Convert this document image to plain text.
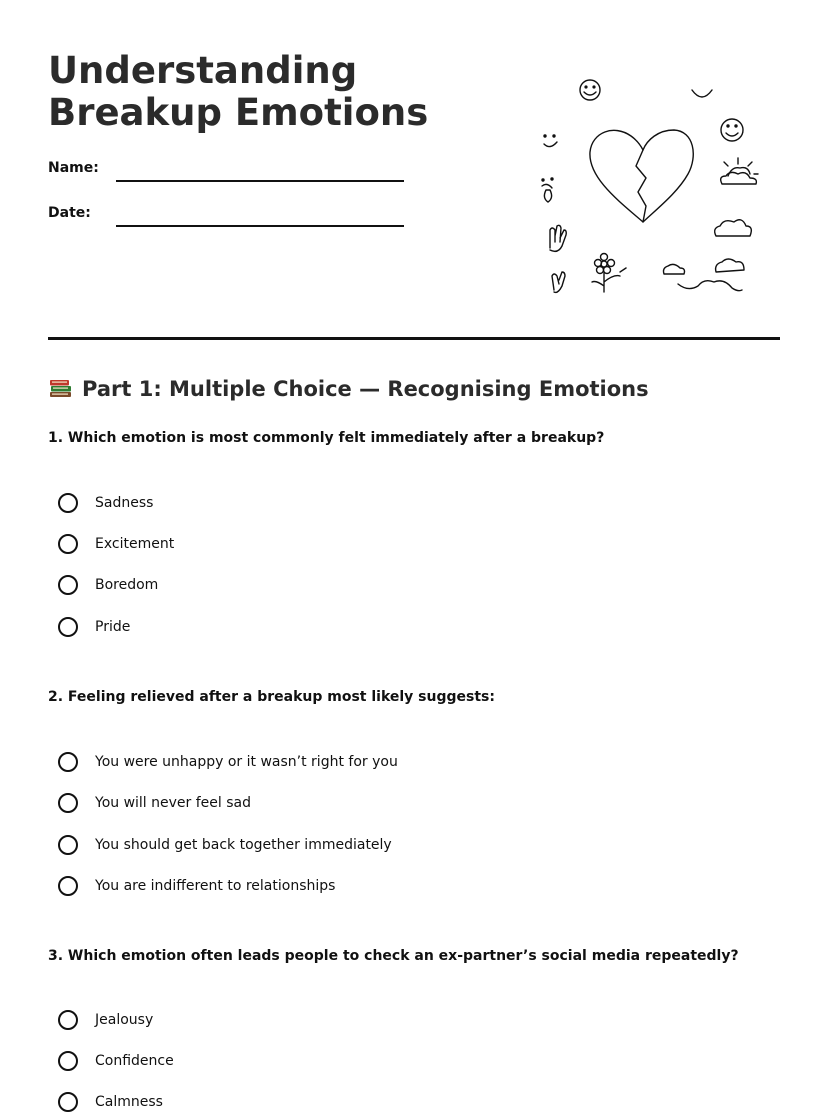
Understanding Breakup Emotions
Name:
Date:
Part 1: Multiple Choice — Recognising Emotions

1. Which emotion is most commonly felt immediately after a breakup?

Sadness
Excitement
Boredom
Pride

2. Feeling relieved after a breakup most likely suggests:

You were unhappy or it wasn’t right for you
You will never feel sad
You should get back together immediately
You are indifferent to relationships

3. Which emotion often leads people to check an ex-partner’s social media repeatedly?

Jealousy
Confidence
Calmness
